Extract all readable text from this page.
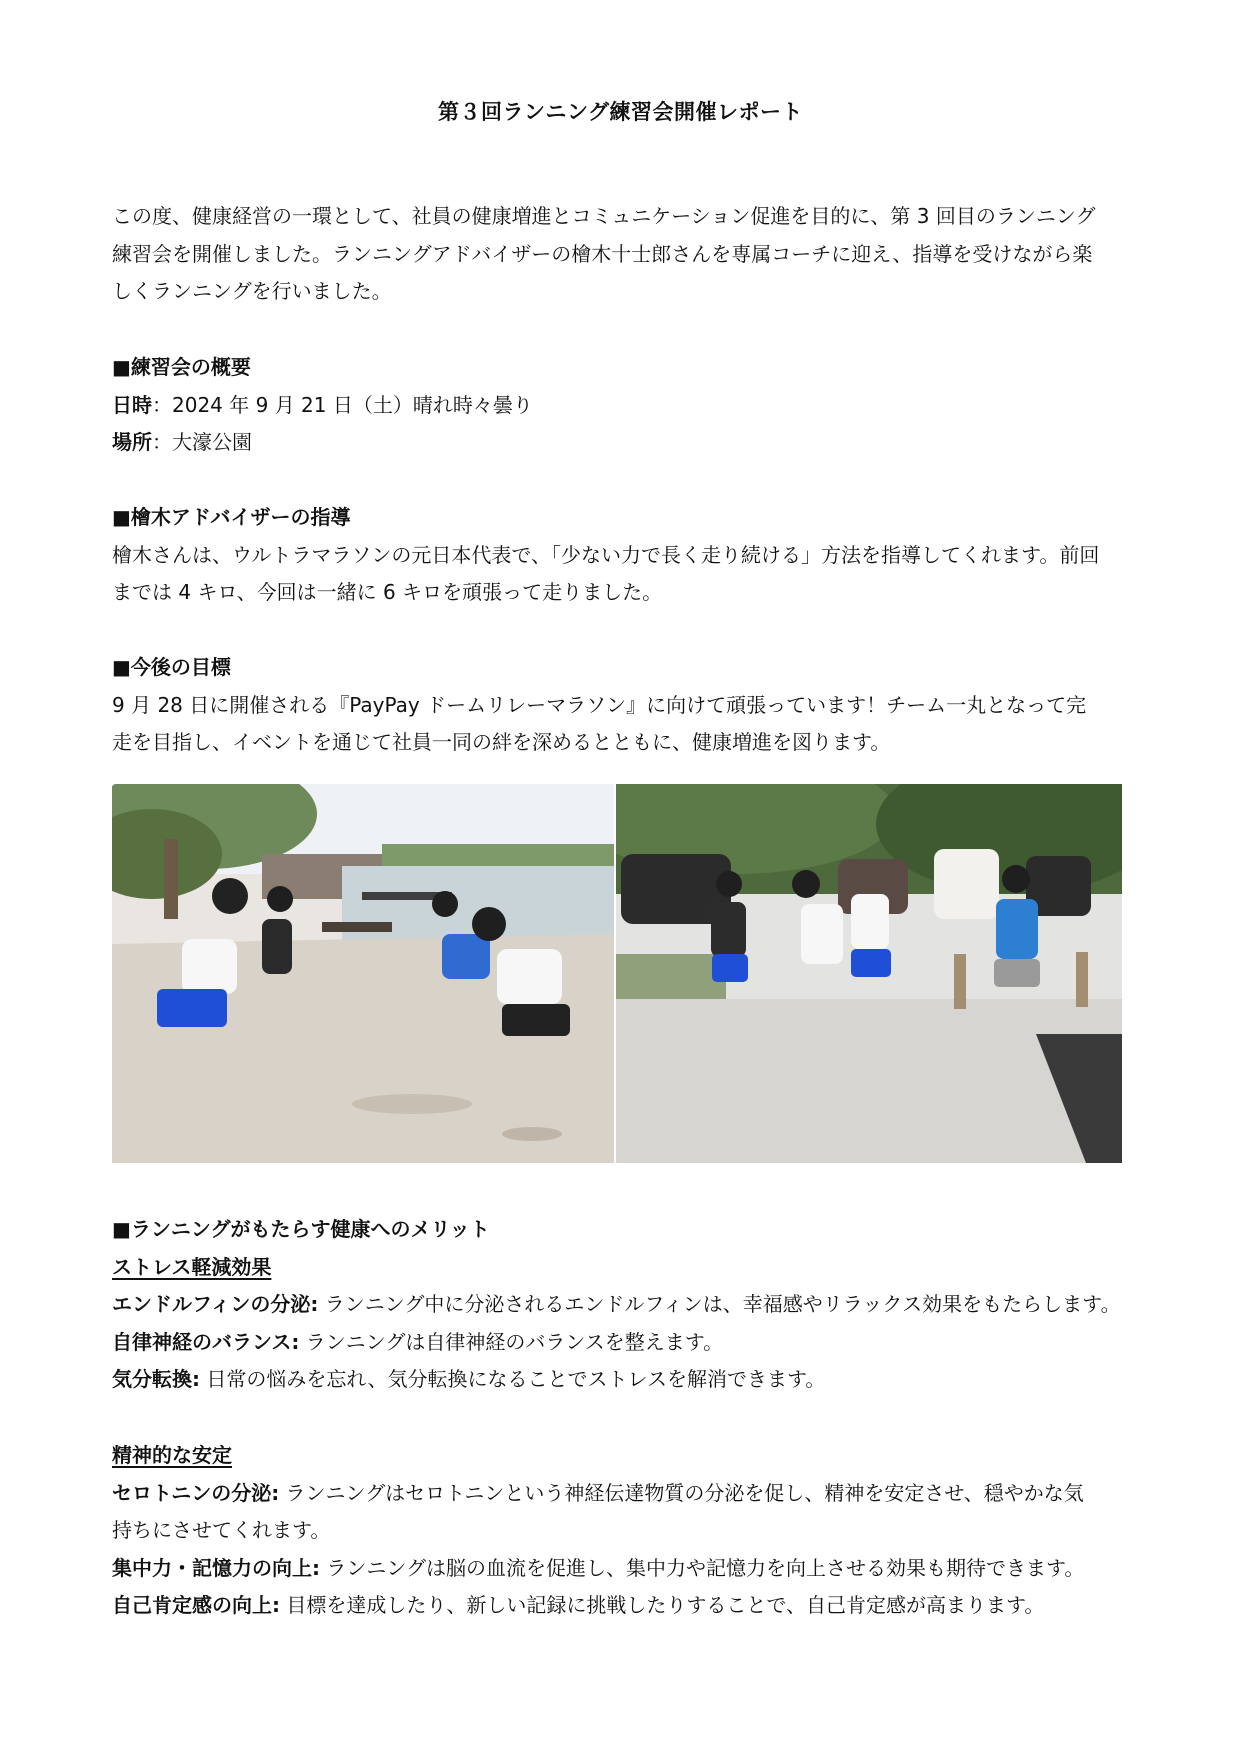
第３回ランニング練習会開催レポート

この度、健康経営の一環として、社員の健康増進とコミュニケーション促進を目的に、第 3 回目のランニング

練習会を開催しました。ランニングアドバイザーの檜木十士郎さんを専属コーチに迎え、指導を受けながら楽

しくランニングを行いました。

■練習会の概要

日時：2024 年 9 月 21 日（土）晴れ時々曇り

場所：大濠公園

■檜木アドバイザーの指導

檜木さんは、ウルトラマラソンの元日本代表で、「少ない力で長く走り続ける」方法を指導してくれます。前回

までは 4 キロ、今回は一緒に 6 キロを頑張って走りました。

■今後の目標

9 月 28 日に開催される『PayPay ドームリレーマラソン』に向けて頑張っています！チーム一丸となって完

走を目指し、イベントを通じて社員一同の絆を深めるとともに、健康増進を図ります。

■ランニングがもたらす健康へのメリット

ストレス軽減効果

エンドルフィンの分泌: ランニング中に分泌されるエンドルフィンは、幸福感やリラックス効果をもたらします。

自律神経のバランス: ランニングは自律神経のバランスを整えます。

気分転換: 日常の悩みを忘れ、気分転換になることでストレスを解消できます。

精神的な安定

セロトニンの分泌: ランニングはセロトニンという神経伝達物質の分泌を促し、精神を安定させ、穏やかな気

持ちにさせてくれます。

集中力・記憶力の向上: ランニングは脳の血流を促進し、集中力や記憶力を向上させる効果も期待できます。

自己肯定感の向上: 目標を達成したり、新しい記録に挑戦したりすることで、自己肯定感が高まります。
